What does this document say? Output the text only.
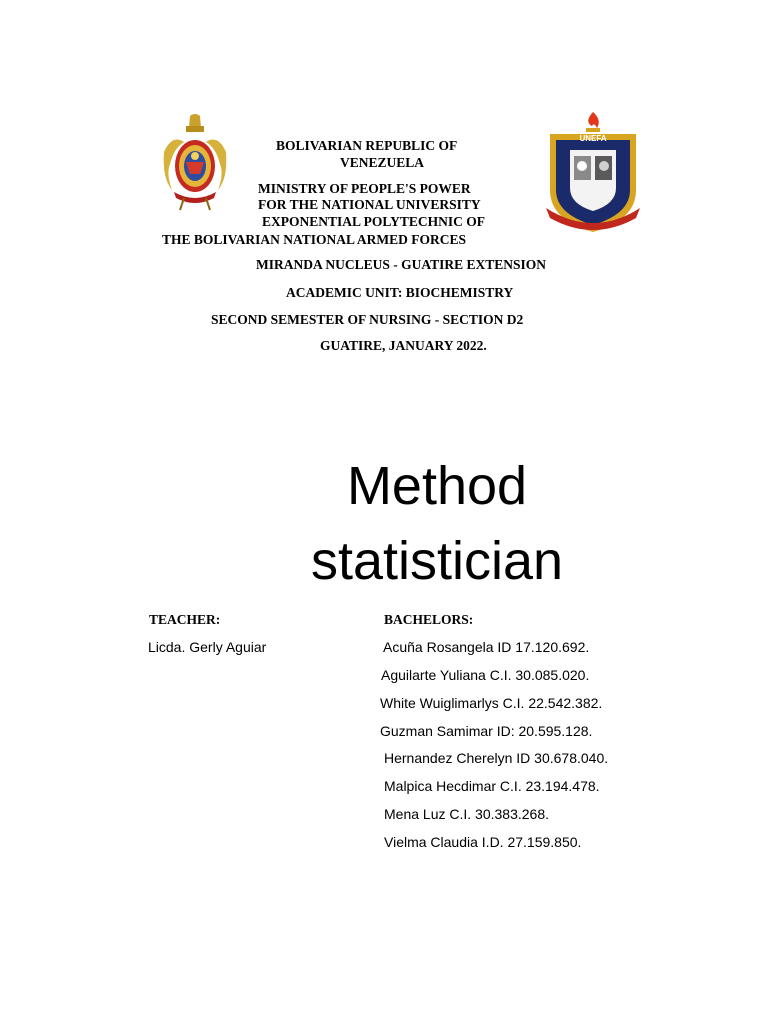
UNEFA
BOLIVARIAN REPUBLIC OF
VENEZUELA
MINISTRY OF PEOPLE'S POWER
FOR THE NATIONAL UNIVERSITY
EXPONENTIAL POLYTECHNIC OF
THE BOLIVARIAN NATIONAL ARMED FORCES
MIRANDA NUCLEUS - GUATIRE EXTENSION
ACADEMIC UNIT: BIOCHEMISTRY
SECOND SEMESTER OF NURSING - SECTION D2
GUATIRE, JANUARY 2022.
Method
statistician
TEACHER:
Licda. Gerly Aguiar
BACHELORS:
Acuña Rosangela ID 17.120.692.
Aguilarte Yuliana C.I. 30.085.020.
White Wuiglimarlys C.I. 22.542.382.
Guzman Samimar ID: 20.595.128.
Hernandez Cherelyn ID 30.678.040.
Malpica Hecdimar C.I. 23.194.478.
Mena Luz C.I. 30.383.268.
Vielma Claudia I.D. 27.159.850.
